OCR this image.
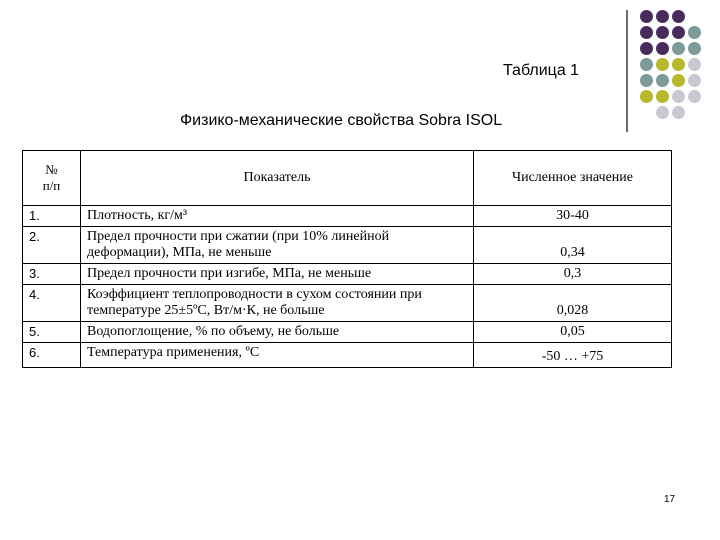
Таблица 1
Физико-механические свойства Sobra ISOL
№
п/п	Показатель	Численное значение
1.	Плотность, кг/м³	30-40
2.	Предел прочности при сжатии (при 10% линейной деформации), МПа, не меньше	0,34
3.	Предел прочности при изгибе, МПа, не меньше	0,3
4.	Коэффициент теплопроводности в сухом состоянии при температуре 25±5ºС, Вт/м·К, не больше	0,028
5.	Водопоглощение, % по объему, не больше	0,05
6.	Температура применения, ºС	-50 … +75
17
